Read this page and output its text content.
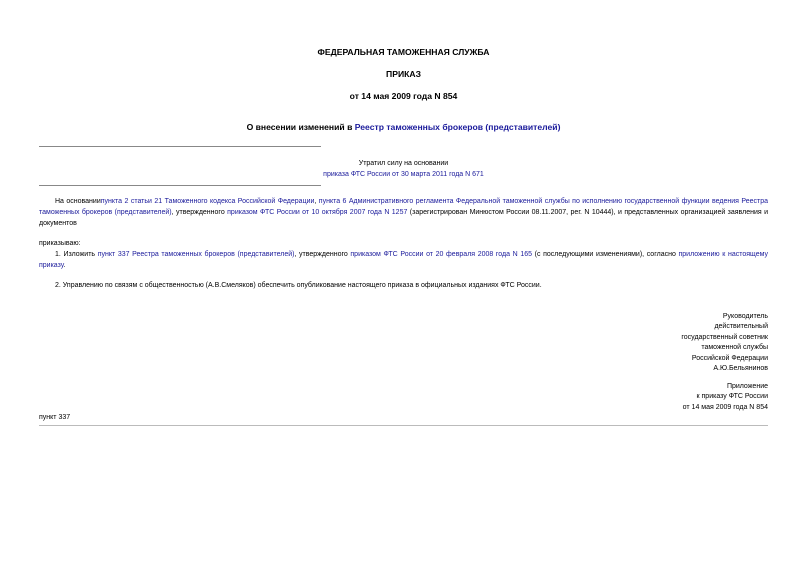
ФЕДЕРАЛЬНАЯ ТАМОЖЕННАЯ СЛУЖБА
ПРИКАЗ
от 14 мая 2009 года N 854
О внесении изменений в Реестр таможенных брокеров (представителей)
Утратил силу на основании
приказа ФТС России от 30 марта 2011 года N 671
На основаниипункта 2 статьи 21 Таможенного кодекса Российской Федерации, пункта 6 Административного регламента Федеральной таможенной службы по исполнению государственной функции ведения Реестра таможенных брокеров (представителей), утвержденного приказом ФТС России от 10 октября 2007 года N 1257 (зарегистрирован Минюстом России 08.11.2007, рег. N 10444), и представленных организацией заявления и документов
приказываю:
1. Изложить пункт 337 Реестра таможенных брокеров (представителей), утвержденного приказом ФТС России от 20 февраля 2008 года N 165 (с последующими изменениями), согласно приложению к настоящему приказу.
2. Управлению по связям с общественностью (А.В.Смеляков) обеспечить опубликование настоящего приказа в официальных изданиях ФТС России.
Руководитель
действительный
государственный советник
таможенной службы
Российской Федерации
А.Ю.Бельянинов
Приложение
к приказу ФТС России
от 14 мая 2009 года N 854
пункт 337
